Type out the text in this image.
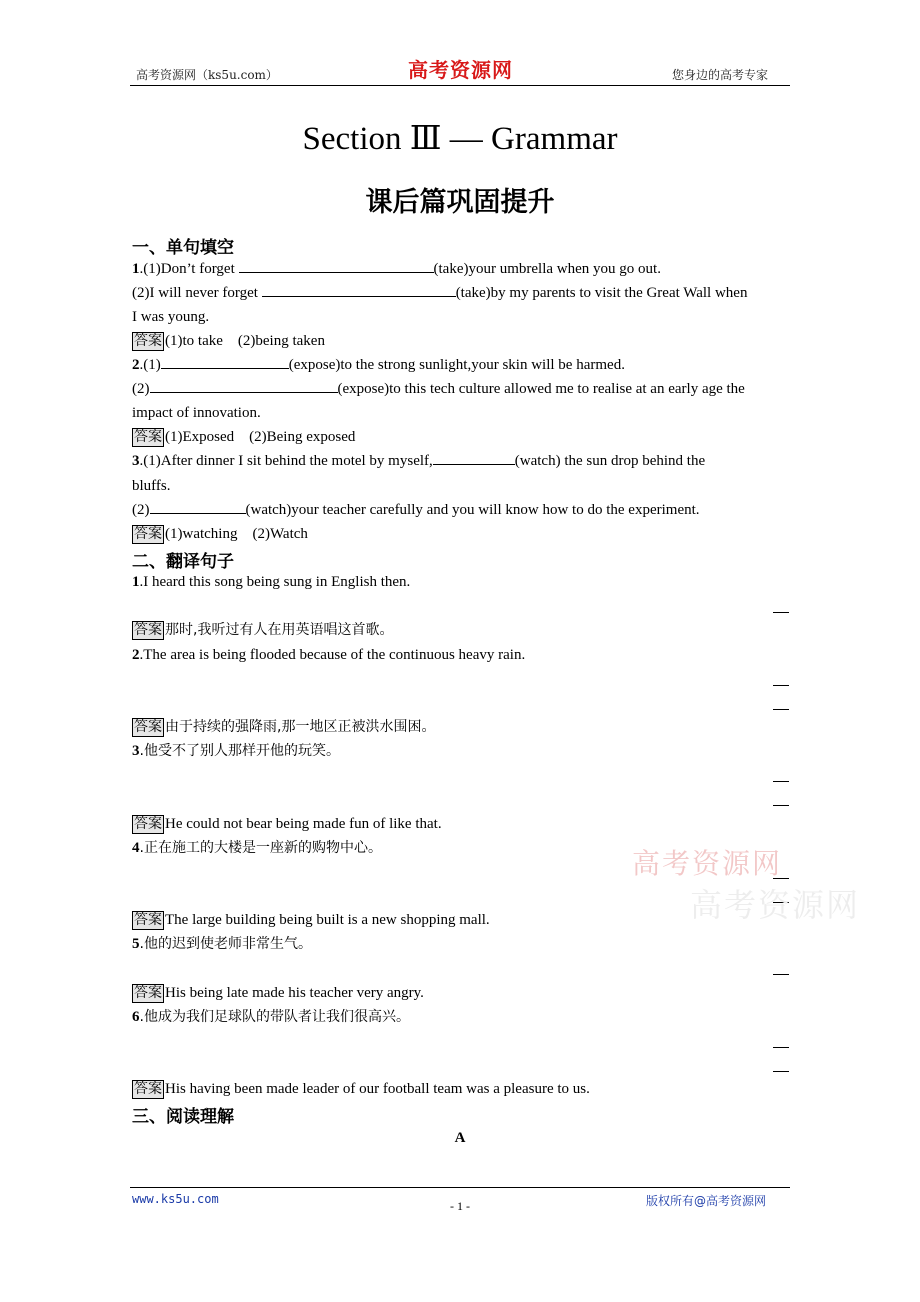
高考资源网（ks5u.com）	高考资源网	您身边的高考专家
Section Ⅲ — Grammar
课后篇巩固提升
一、单句填空
1.(1)Don’t forget	(take)your umbrella when you go out.
(2)I will never forget	(take)by my parents to visit the Great Wall when
I was young.
答案 (1)to take    (2)being taken
2.(1)	(expose)to the strong sunlight,your skin will be harmed.
(2)	(expose)to this tech culture allowed me to realise at an early age the
impact of innovation.
答案 (1)Exposed    (2)Being exposed
3.(1)After dinner I sit behind the motel by myself,	(watch) the sun drop behind the
bluffs.
(2)	(watch)your teacher carefully and you will know how to do the experiment.
答案 (1)watching    (2)Watch
二、翻译句子
1.I heard this song being sung in English then.
答案 那时,我听过有人在用英语唱这首歌。
2.The area is being flooded because of the continuous heavy rain.
答案 由于持续的强降雨,那一地区正被洪水围困。
3.他受不了别人那样开他的玩笑。
答案 He could not bear being made fun of like that.
4.正在施工的大楼是一座新的购物中心。
答案 The large building being built is a new shopping mall.
5.他的迟到使老师非常生气。
答案 His being late made his teacher very angry.
6.他成为我们足球队的带队者让我们很高兴。
答案 His having been made leader of our football team was a pleasure to us.
三、阅读理解
A
高考资源网
高考资源网
www.ks5u.com	- 1 -	版权所有@高考资源网
